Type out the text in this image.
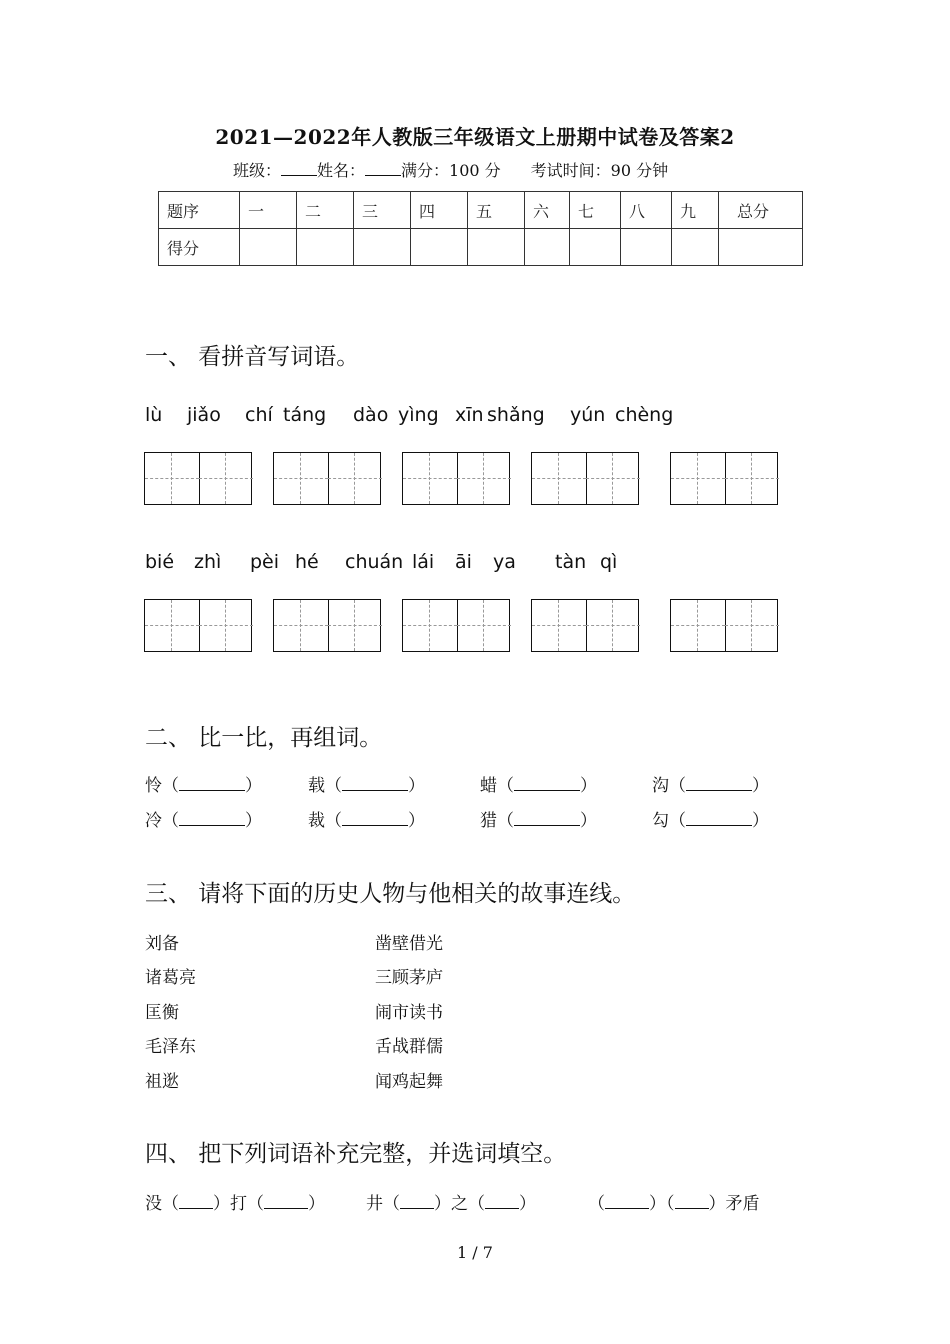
2021—2022年人教版三年级语文上册期中试卷及答案2
班级： 姓名： 满分：100 分 考试时间：90 分钟
题序	一	二	三	四	五	六	七	八	九	总分
得分										
一、 看拼音写词语。
lù jiǎo chí táng dào yìng xīn shǎng yún chèng
bié zhì pèi hé chuán lái āi ya tàn qì
二、 比一比，再组词。
怜（	）	载（	）	蜡（	）	沟（	）
冷（	）	裁（	）	猎（	）	勾（	）
三、 请将下面的历史人物与他相关的故事连线。
刘备
诸葛亮
匡衡
毛泽东
祖逖
凿壁借光
三顾茅庐
闹市读书
舌战群儒
闻鸡起舞
四、 把下列词语补充完整，并选词填空。
没（ ）打（	） 井（ ）之（ ）	（	）（ ）矛盾
1 / 7
